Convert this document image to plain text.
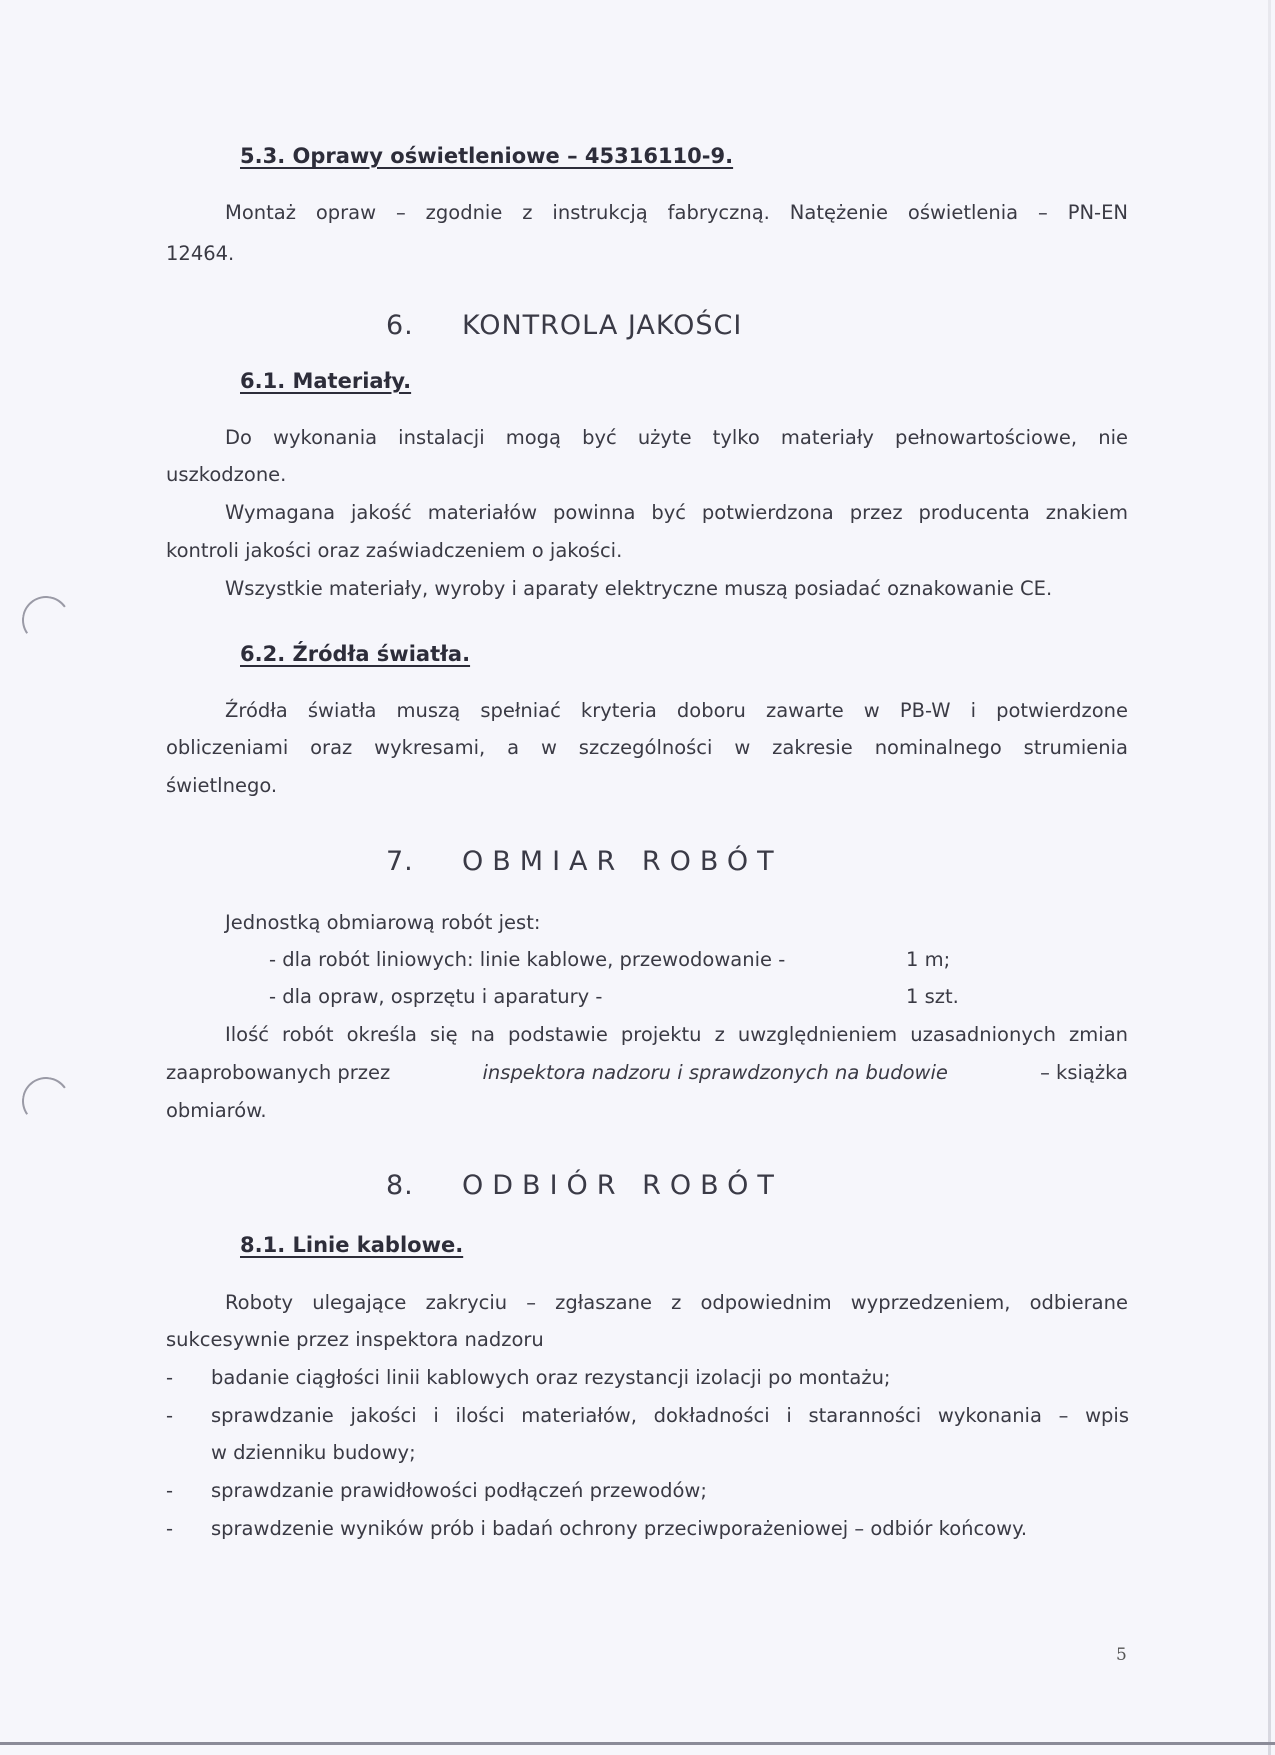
5.3. Oprawy oświetleniowe – 45316110-9.
Montaż opraw – zgodnie z instrukcją fabryczną. Natężenie oświetlenia – PN-EN
12464.
6. KONTROLA JAKOŚCI
6.1. Materiały.
Do wykonania instalacji mogą być użyte tylko materiały pełnowartościowe, nie
uszkodzone.
Wymagana jakość materiałów powinna być potwierdzona przez producenta znakiem
kontroli jakości oraz zaświadczeniem o jakości.
Wszystkie materiały, wyroby i aparaty elektryczne muszą posiadać oznakowanie CE.
6.2. Źródła światła.
Źródła światła muszą spełniać kryteria doboru zawarte w PB-W i potwierdzone
obliczeniami oraz wykresami, a w szczególności w zakresie nominalnego strumienia
świetlnego.
7. OBMIAR ROBÓT
Jednostką obmiarową robót jest:
- dla robót liniowych: linie kablowe, przewodowanie -	1 m;
- dla opraw, osprzętu i aparatury -	1 szt.
Ilość robót określa się na podstawie projektu z uwzględnieniem uzasadnionych zmian
zaaprobowanych przez	inspektora nadzoru i sprawdzonych na budowie	– książka
obmiarów.
8. ODBIÓR ROBÓT
8.1. Linie kablowe.
Roboty ulegające zakryciu – zgłaszane z odpowiednim wyprzedzeniem, odbierane
sukcesywnie przez inspektora nadzoru
- badanie ciągłości linii kablowych oraz rezystancji izolacji po montażu;
- sprawdzanie jakości i ilości materiałów, dokładności i staranności wykonania – wpis
w dzienniku budowy;
- sprawdzanie prawidłowości podłączeń przewodów;
- sprawdzenie wyników prób i badań ochrony przeciwporażeniowej – odbiór końcowy.
5
